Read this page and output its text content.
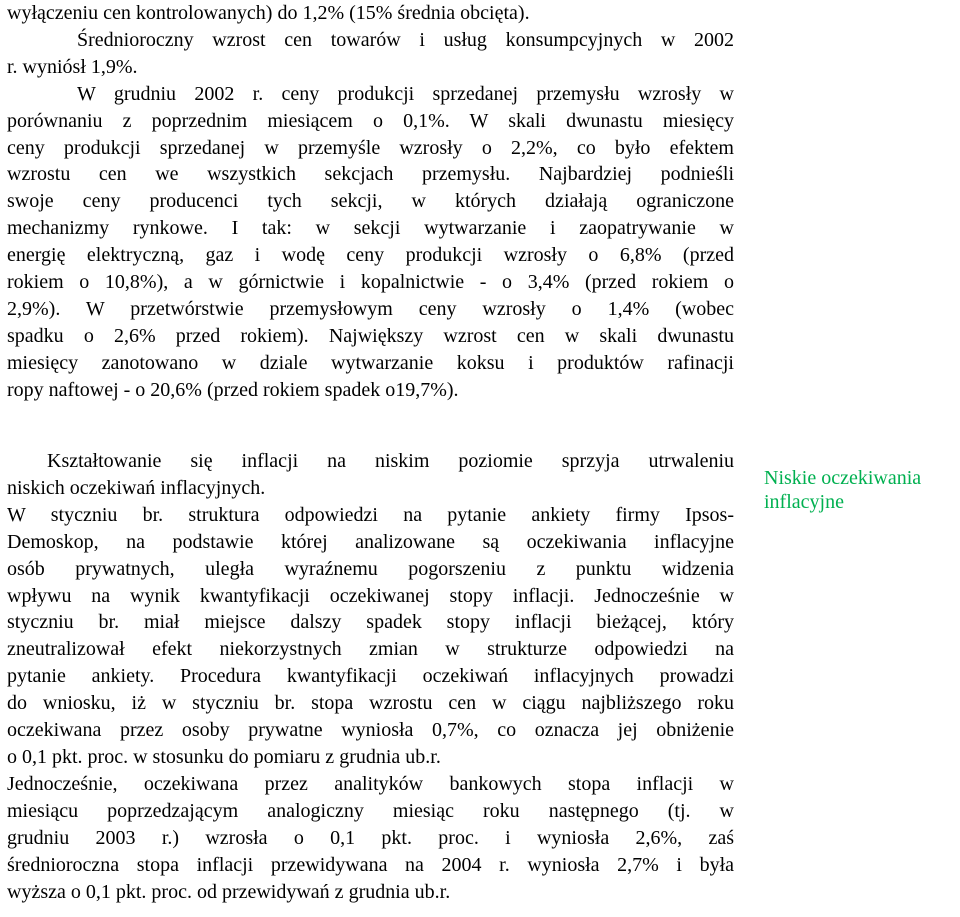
wyłączeniu cen kontrolowanych) do 1,2% (15% średnia obcięta).
Średnioroczny wzrost cen towarów i usług konsumpcyjnych w 2002
r. wyniósł 1,9%.
W grudniu 2002 r. ceny produkcji sprzedanej przemysłu wzrosły w
porównaniu z poprzednim miesiącem o 0,1%. W skali dwunastu miesięcy
ceny produkcji sprzedanej w przemyśle wzrosły o 2,2%, co było efektem
wzrostu cen we wszystkich sekcjach przemysłu. Najbardziej podnieśli
swoje ceny producenci tych sekcji, w których działają ograniczone
mechanizmy rynkowe. I tak: w sekcji wytwarzanie i zaopatrywanie w
energię elektryczną, gaz i wodę ceny produkcji wzrosły o 6,8% (przed
rokiem o 10,8%), a w górnictwie i kopalnictwie - o 3,4% (przed rokiem o
2,9%). W przetwórstwie przemysłowym ceny wzrosły o 1,4% (wobec
spadku o 2,6% przed rokiem). Największy wzrost cen w skali dwunastu
miesięcy zanotowano w dziale wytwarzanie koksu i produktów rafinacji
ropy naftowej - o 20,6% (przed rokiem spadek o19,7%).
Kształtowanie się inflacji na niskim poziomie sprzyja utrwaleniu
niskich oczekiwań inflacyjnych.
W styczniu br. struktura odpowiedzi na pytanie ankiety firmy Ipsos-
Demoskop, na podstawie której analizowane są oczekiwania inflacyjne
osób prywatnych, uległa wyraźnemu pogorszeniu z punktu widzenia
wpływu na wynik kwantyfikacji oczekiwanej stopy inflacji. Jednocześnie w
styczniu br. miał miejsce dalszy spadek stopy inflacji bieżącej, który
zneutralizował efekt niekorzystnych zmian w strukturze odpowiedzi na
pytanie ankiety. Procedura kwantyfikacji oczekiwań inflacyjnych prowadzi
do wniosku, iż w styczniu br. stopa wzrostu cen w ciągu najbliższego roku
oczekiwana przez osoby prywatne wyniosła 0,7%, co oznacza jej obniżenie
o 0,1 pkt. proc. w stosunku do pomiaru z grudnia ub.r.
Jednocześnie, oczekiwana przez analityków bankowych stopa inflacji w
miesiącu poprzedzającym analogiczny miesiąc roku następnego (tj. w
grudniu 2003 r.) wzrosła o 0,1 pkt. proc. i wyniosła 2,6%, zaś
średnioroczna stopa inflacji przewidywana na 2004 r. wyniosła 2,7% i była
wyższa o 0,1 pkt. proc. od przewidywań z grudnia ub.r.
Niskie oczekiwania
inflacyjne
